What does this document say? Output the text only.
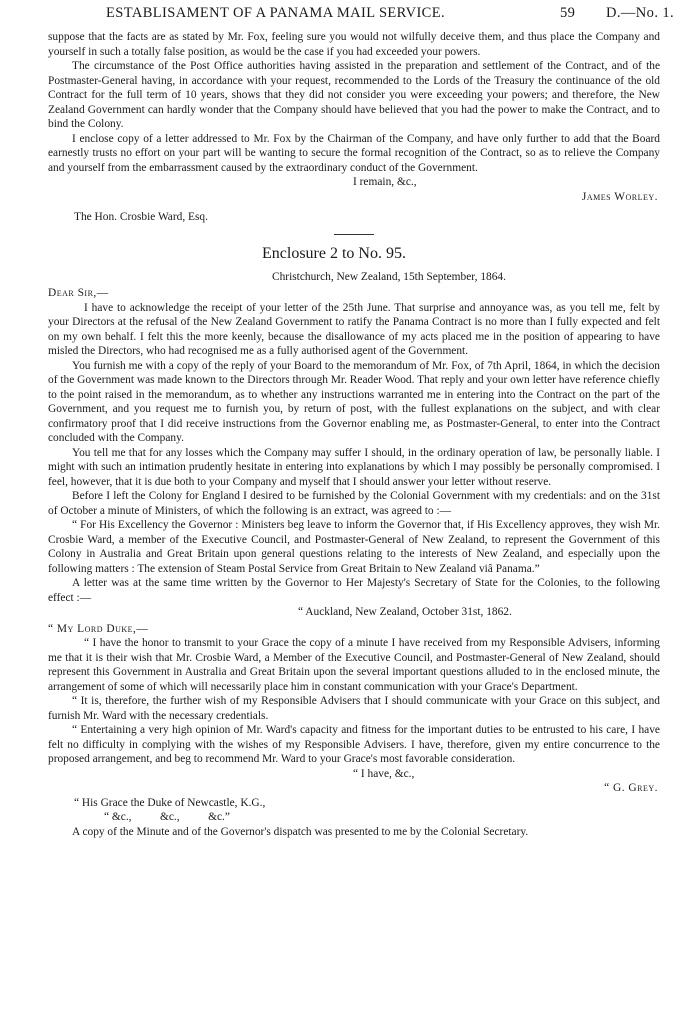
ESTABLISAMENT OF A PANAMA MAIL SERVICE.	59 D.—No. 1.

suppose that the facts are as stated by Mr. Fox, feeling sure you would not wilfully deceive them, and thus place the Company and yourself in such a totally false position, as would be the case if you had exceeded your powers.

The circumstance of the Post Office authorities having assisted in the preparation and settlement of the Contract, and of the Postmaster-General having, in accordance with your request, recommended to the Lords of the Treasury the continuance of the old Contract for the full term of 10 years, shows that they did not consider you were exceeding your powers; and therefore, the New Zealand Government can hardly wonder that the Company should have believed that you had the power to make the Contract, and to bind the Colony.

I enclose copy of a letter addressed to Mr. Fox by the Chairman of the Company, and have only further to add that the Board earnestly trusts no effort on your part will be wanting to secure the formal recognition of the Contract, so as to relieve the Company and yourself from the embarrassment caused by the extraordinary conduct of the Government.

I remain, &c.,

James Worley.

The Hon. Crosbie Ward, Esq.

Enclosure 2 to No. 95.

Christchurch, New Zealand, 15th September, 1864.

Dear Sir,—

I have to acknowledge the receipt of your letter of the 25th June. That surprise and annoyance was, as you tell me, felt by your Directors at the refusal of the New Zealand Government to ratify the Panama Contract is no more than I fully expected and felt on my own behalf. I felt this the more keenly, because the disallowance of my acts placed me in the position of appearing to have misled the Directors, who had recognised me as a fully authorised agent of the Government.

You furnish me with a copy of the reply of your Board to the memorandum of Mr. Fox, of 7th April, 1864, in which the decision of the Government was made known to the Directors through Mr. Reader Wood. That reply and your own letter have reference chiefly to the point raised in the memorandum, as to whether any instructions warranted me in entering into the Contract on the part of the Government, and you request me to furnish you, by return of post, with the fullest explanations on the subject, and with clear confirmatory proof that I did receive instructions from the Governor enabling me, as Postmaster-General, to enter into the Contract concluded with the Company.

You tell me that for any losses which the Company may suffer I should, in the ordinary operation of law, be personally liable. I might with such an intimation prudently hesitate in entering into explanations by which I may possibly be personally compromised. I feel, however, that it is due both to your Company and myself that I should answer your letter without reserve.

Before I left the Colony for England I desired to be furnished by the Colonial Government with my credentials: and on the 31st of October a minute of Ministers, of which the following is an extract, was agreed to :—

“ For His Excellency the Governor : Ministers beg leave to inform the Governor that, if His Excellency approves, they wish Mr. Crosbie Ward, a member of the Executive Council, and Postmaster-General of New Zealand, to represent the Government of this Colony in Australia and Great Britain upon general questions relating to the interests of New Zealand, and especially upon the following matters : The extension of Steam Postal Service from Great Britain to New Zealand viâ Panama.”

A letter was at the same time written by the Governor to Her Majesty's Secretary of State for the Colonies, to the following effect :—

“ Auckland, New Zealand, October 31st, 1862.

“ My Lord Duke,—

“ I have the honor to transmit to your Grace the copy of a minute I have received from my Responsible Advisers, informing me that it is their wish that Mr. Crosbie Ward, a Member of the Executive Council, and Postmaster-General of New Zealand, should represent this Government in Australia and Great Britain upon the several important questions alluded to in the enclosed minute, the arrangement of some of which will necessarily place him in constant communication with your Grace's Department.

“ It is, therefore, the further wish of my Responsible Advisers that I should communicate with your Grace on this subject, and furnish Mr. Ward with the necessary credentials.

“ Entertaining a very high opinion of Mr. Ward's capacity and fitness for the important duties to be entrusted to his care, I have felt no difficulty in complying with the wishes of my Responsible Advisers. I have, therefore, given my entire concurrence to the proposed arrangement, and beg to recommend Mr. Ward to your Grace's most favorable consideration.

“ I have, &c.,

“ G. Grey.

“ His Grace the Duke of Newcastle, K.G.,

“ &c.,          &c.,          &c.”

A copy of the Minute and of the Governor's dispatch was presented to me by the Colonial Secretary.
